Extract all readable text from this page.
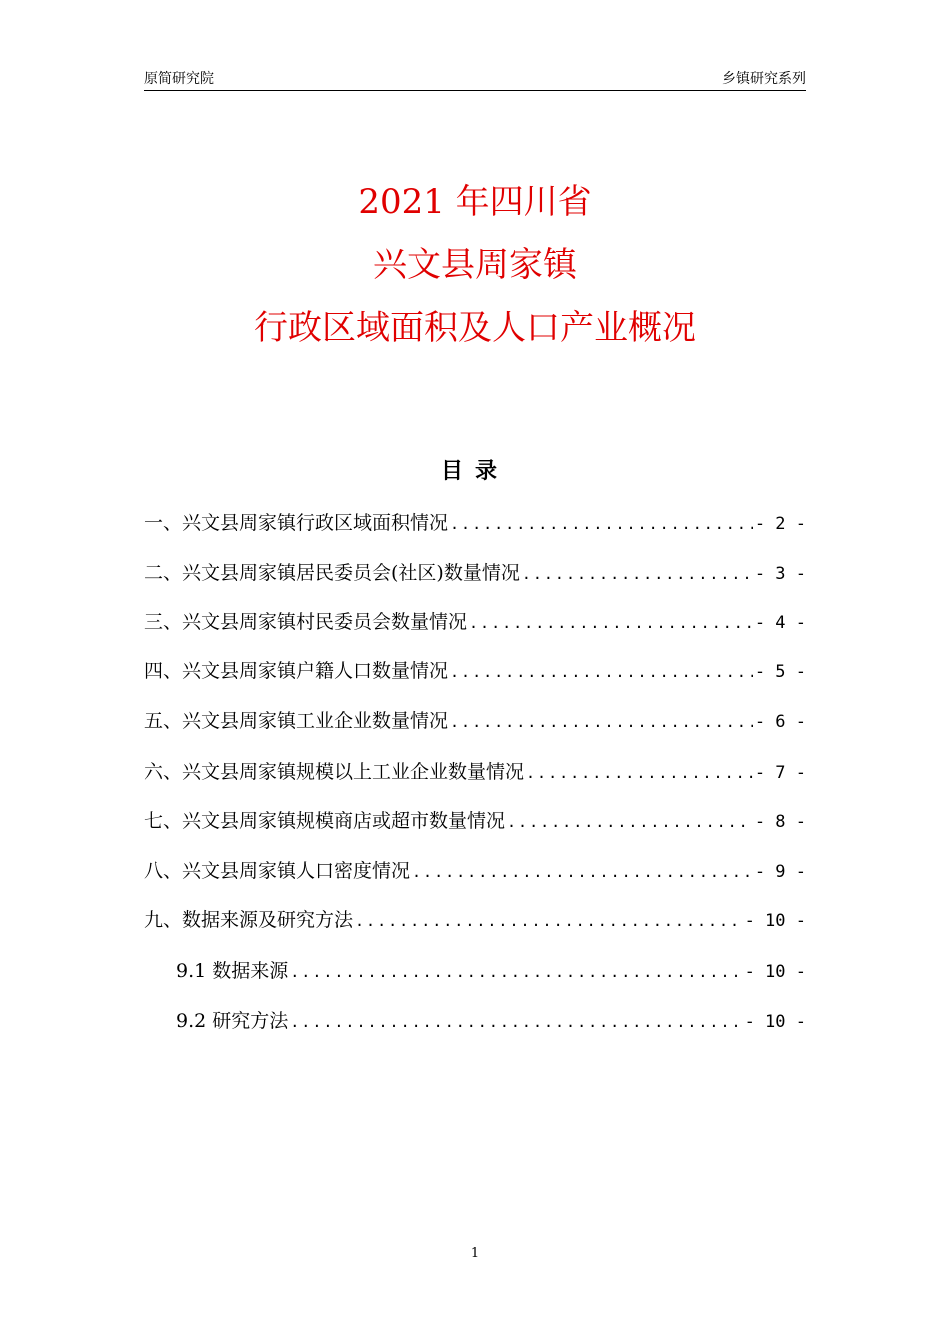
原简研究院	乡镇研究系列
2021 年四川省
兴文县周家镇
行政区域面积及人口产业概况
目录
一、兴文县周家镇行政区域面积情况 .....	- 2 -
二、兴文县周家镇居民委员会(社区)数量情况 .....	- 3 -
三、兴文县周家镇村民委员会数量情况 .....	- 4 -
四、兴文县周家镇户籍人口数量情况 .....	- 5 -
五、兴文县周家镇工业企业数量情况 .....	- 6 -
六、兴文县周家镇规模以上工业企业数量情况 .....	- 7 -
七、兴文县周家镇规模商店或超市数量情况 .....	- 8 -
八、兴文县周家镇人口密度情况 .....	- 9 -
九、数据来源及研究方法 .....	- 10 -
9.1 数据来源 .....	- 10 -
9.2 研究方法 .....	- 10 -
1
